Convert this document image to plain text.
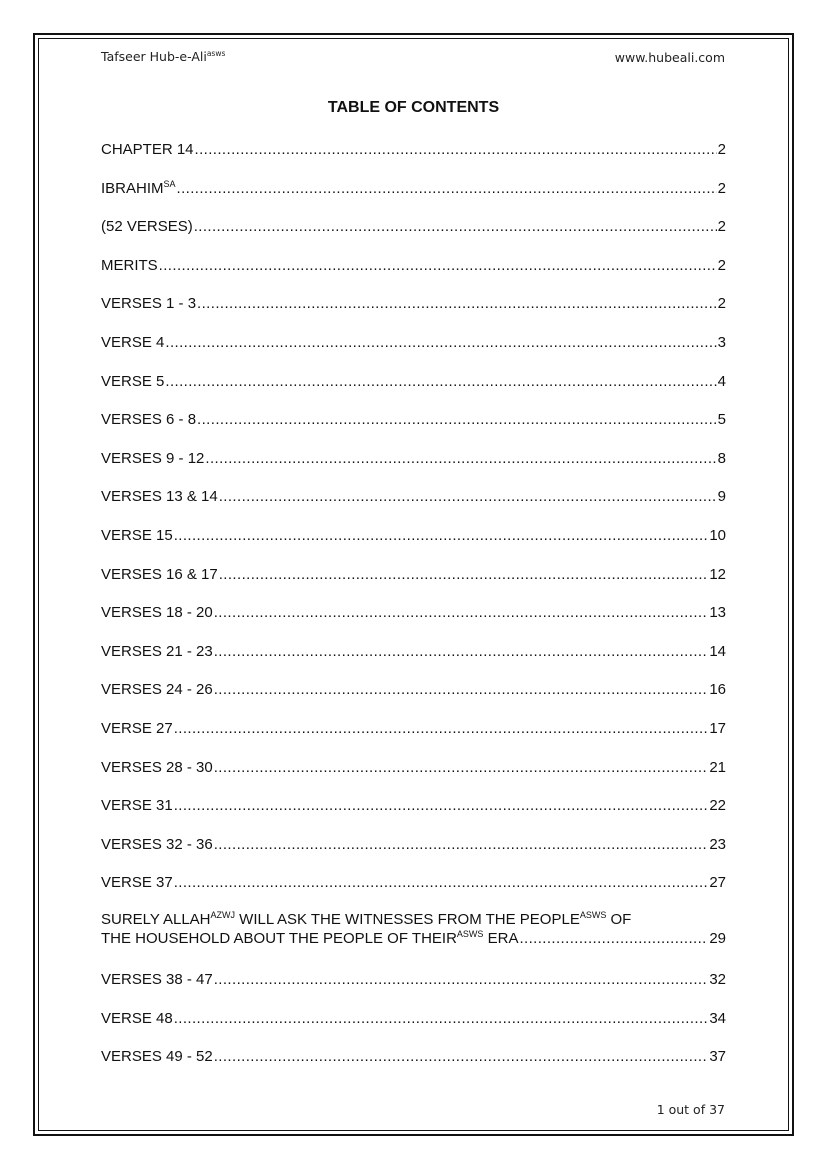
Tafseer Hub-e-Ali$^{asws}$	www.hubeali.com
TABLE OF CONTENTS
CHAPTER 14 .....	2
$IBRAHIM^{SA}$ .....	2
(52 VERSES) .....	2
MERITS .....	2
VERSES 1 - 3 .....	2
VERSE 4 .....	3
VERSE 5 .....	4
VERSES 6 - 8 .....	5
VERSES 9 - 12 .....	8
VERSES 13 & 14 .....	9
VERSE 15 .....	10
VERSES 16 & 17 .....	12
VERSES 18 - 20 .....	13
VERSES 21 - 23 .....	14
VERSES 24 - 26 .....	16
VERSE 27 .....	17
VERSES 28 - 30 .....	21
VERSE 31 .....	22
VERSES 32 - 36 .....	23
VERSE 37 .....	27
SURELY $ALLAH^{AZWJ}$ WILL ASK THE WITNESSES FROM THE $PEOPLE^{ASWS}$ OF
THE HOUSEHOLD ABOUT THE PEOPLE OF $THEIR^{ASWS}$ ERA .....	29
VERSES 38 - 47 .....	32
VERSE 48 .....	34
VERSES 49 - 52 .....	37
1 out of 37
